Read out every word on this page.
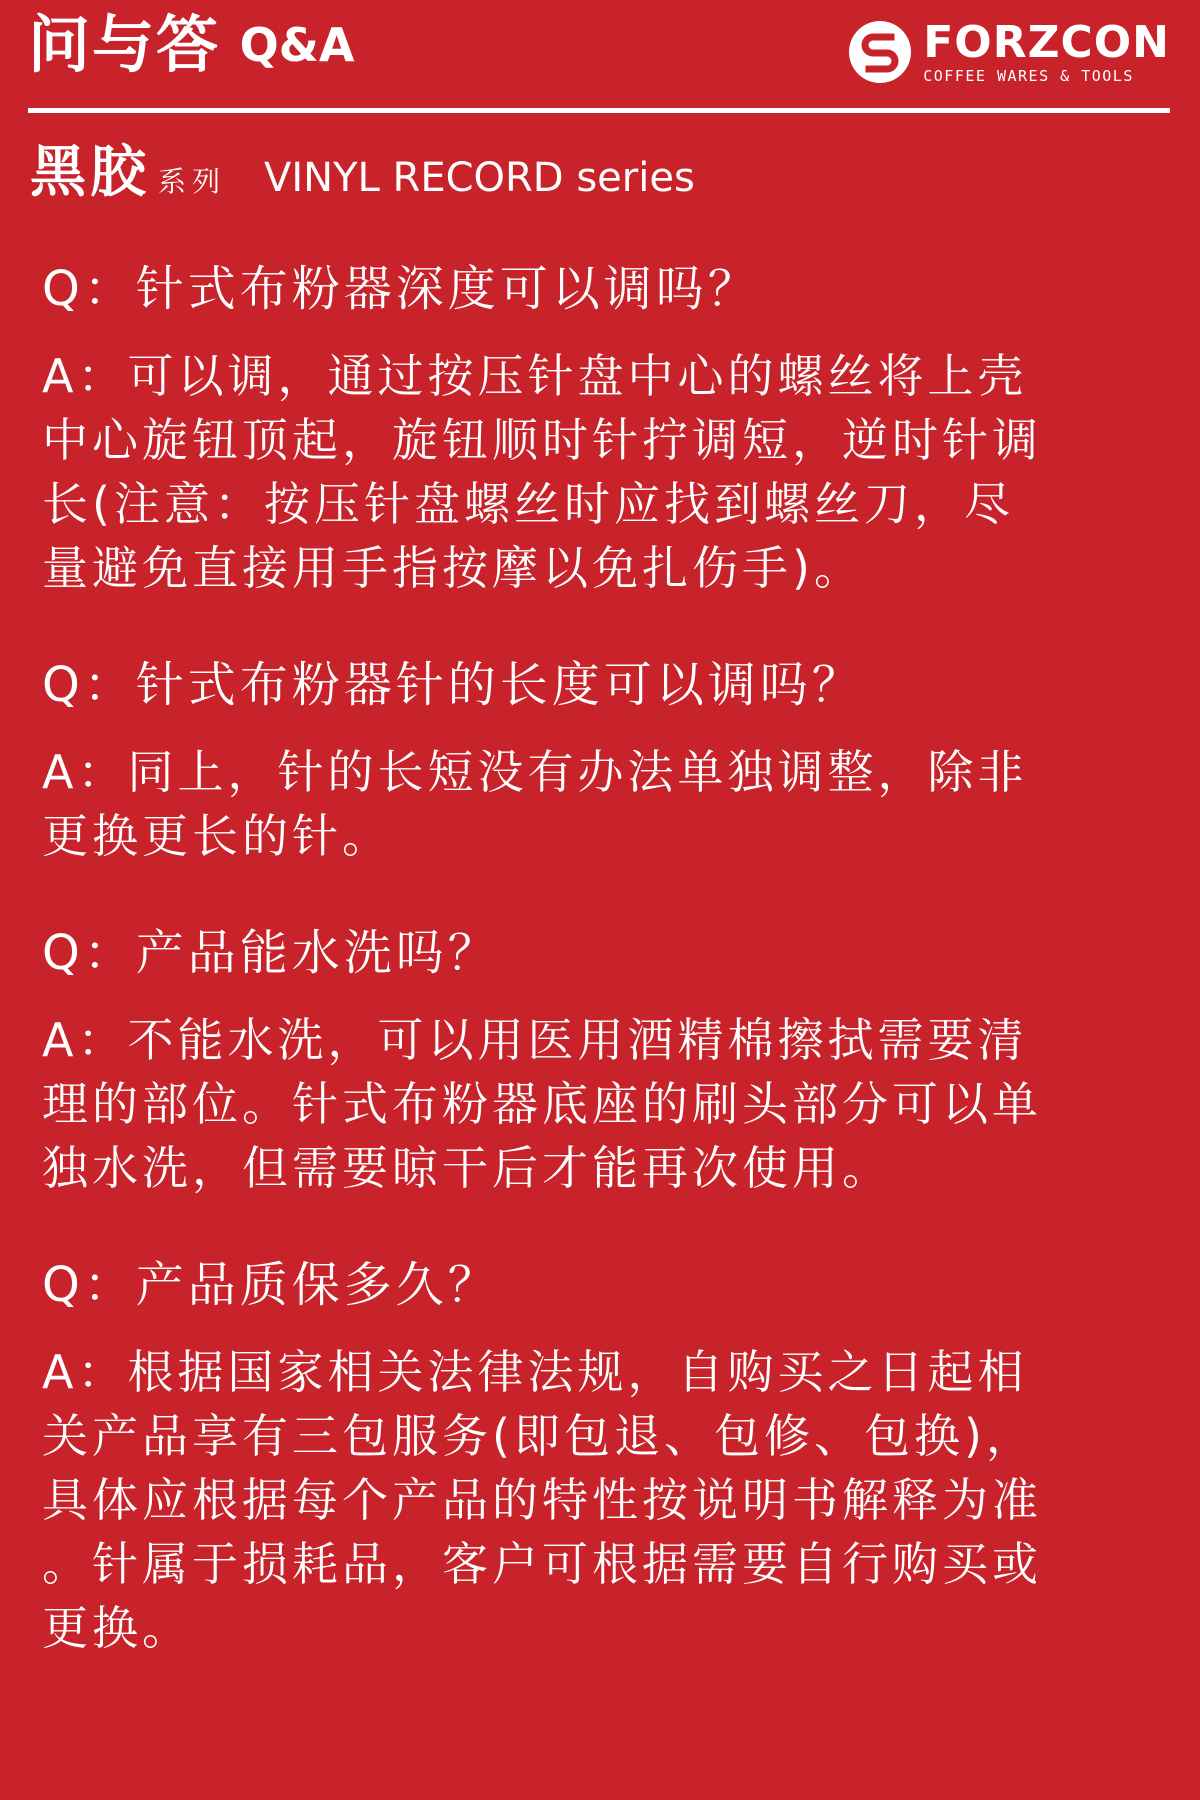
问与答 Q&A	FORZCON
COFFEE WARES & TOOLS
黑胶 系列 VINYL RECORD series
Q：针式布粉器深度可以调吗？
A：可以调，通过按压针盘中心的螺丝将上壳
中心旋钮顶起，旋钮顺时针拧调短，逆时针调
长(注意：按压针盘螺丝时应找到螺丝刀，尽
量避免直接用手指按摩以免扎伤手)。
Q：针式布粉器针的长度可以调吗？
A：同上，针的长短没有办法单独调整，除非
更换更长的针。
Q：产品能水洗吗？
A：不能水洗，可以用医用酒精棉擦拭需要清
理的部位。针式布粉器底座的刷头部分可以单
独水洗，但需要晾干后才能再次使用。
Q：产品质保多久？
A：根据国家相关法律法规，自购买之日起相
关产品享有三包服务(即包退、包修、包换)，
具体应根据每个产品的特性按说明书解释为准
。针属于损耗品，客户可根据需要自行购买或
更换。
